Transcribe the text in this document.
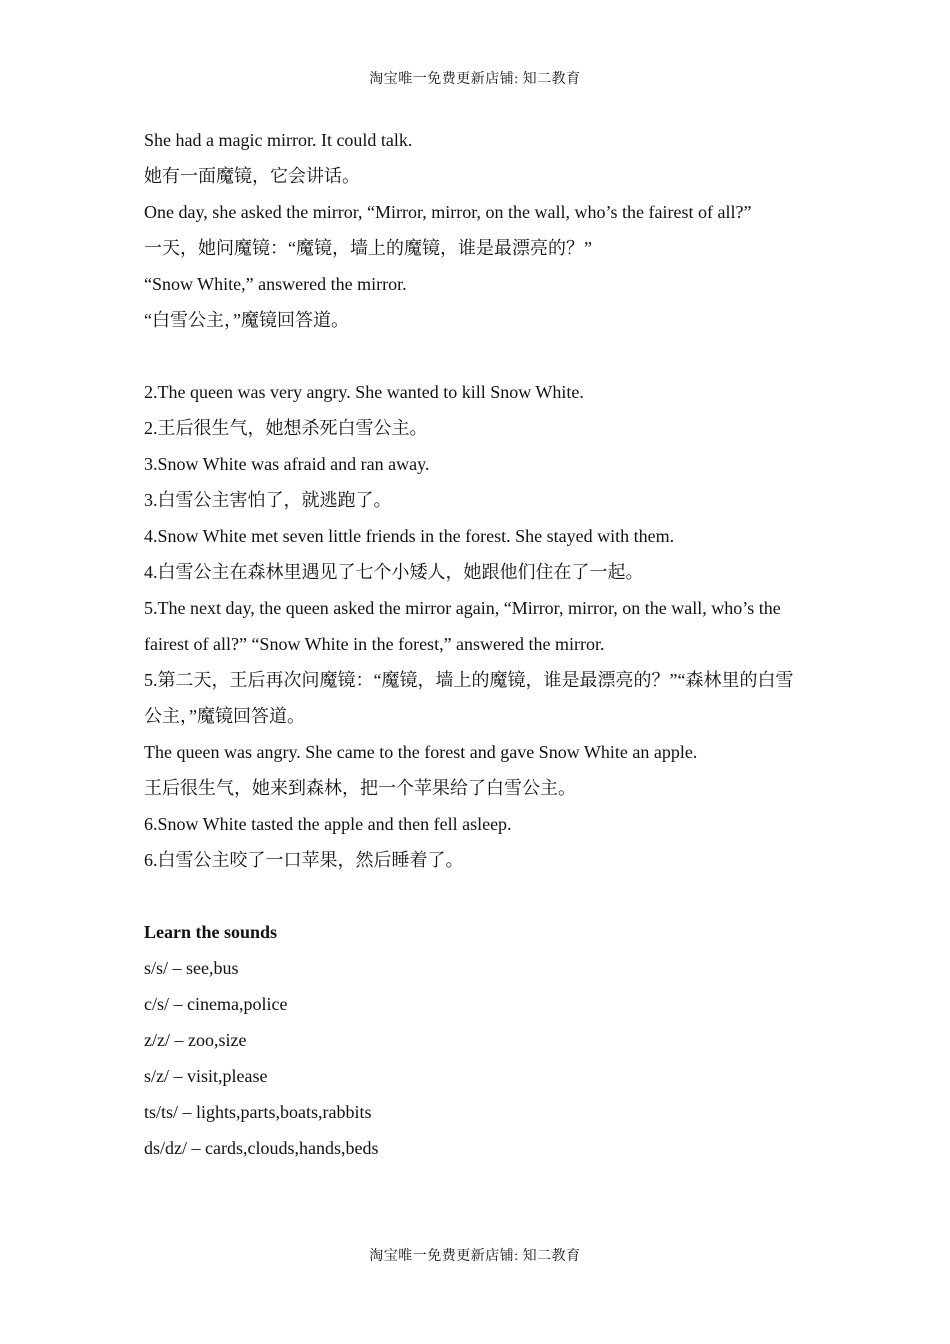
淘宝唯一免费更新店铺: 知二教育
She had a magic mirror. It could talk.
她有一面魔镜，它会讲话。
One day, she asked the mirror, “Mirror, mirror, on the wall, who’s the fairest of all?”
一天，她问魔镜：“魔镜，墙上的魔镜，谁是最漂亮的？”
“Snow White,” answered the mirror.
“白雪公主，”魔镜回答道。
2.The queen was very angry. She wanted to kill Snow White.
2.王后很生气，她想杀死白雪公主。
3.Snow White was afraid and ran away.
3.白雪公主害怕了，就逃跑了。
4.Snow White met seven little friends in the forest. She stayed with them.
4.白雪公主在森林里遇见了七个小矮人，她跟他们住在了一起。
5.The next day, the queen asked the mirror again, “Mirror, mirror, on the wall, who’s the fairest of all?” “Snow White in the forest,” answered the mirror.
5.第二天，王后再次问魔镜：“魔镜，墙上的魔镜，谁是最漂亮的？”“森林里的白雪公主，”魔镜回答道。
The queen was angry. She came to the forest and gave Snow White an apple.
王后很生气，她来到森林，把一个苹果给了白雪公主。
6.Snow White tasted the apple and then fell asleep.
6.白雪公主咬了一口苹果，然后睡着了。
Learn the sounds
s/s/ – see,bus
c/s/ – cinema,police
z/z/ – zoo,size
s/z/ – visit,please
ts/ts/ – lights,parts,boats,rabbits
ds/dz/ – cards,clouds,hands,beds
淘宝唯一免费更新店铺: 知二教育
